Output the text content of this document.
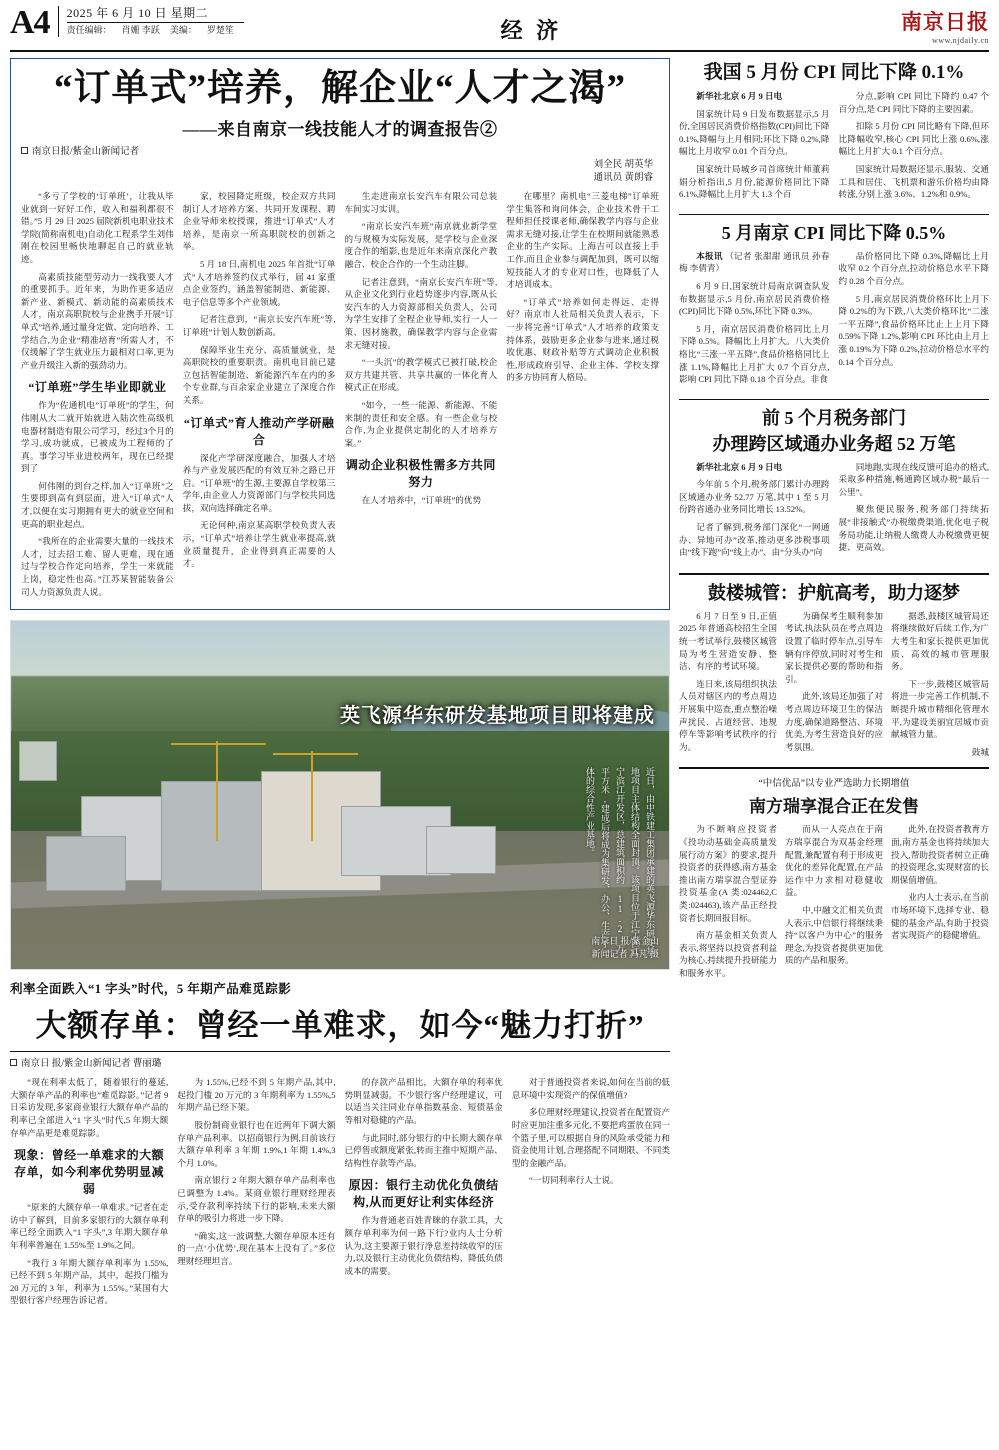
A4	2025 年 6 月 10 日 星期二
责任编辑： 肖姗 李跃 美编： 罗楚笙	经 济	南京日报
www.njdaily.cn
“订单式”培养，解企业“人才之渴”
——来自南京一线技能人才的调查报告②
南京日报/紫金山新闻记者
刘全民 胡英华
通讯员 黄朗睿

“多亏了学校的‘订单班’，让我从毕业就到一好好工作，收入和福利都很不错。”5 月 29 日 2025 届院新机电职业技术学院(简称南机电)自动化工程系学生刘伟刚在校园里畅快地聊起自己的就业轨迹。

高素质技能型劳动力一线我要人才的重要抓手。近年来，为助作更多适应新产业、新模式、新动能的高素质技术人才，南京高职院校与企业携手开展“订单式”培养,通过量身定做、定向培养、工学结合,为企业“精准培育”所需人才，不仅缓解了学生就业压力最相对口率,更为产业升级注入新的强劲动力。

“订单班”学生毕业即就业

作为“佐通机电”订单班”的学生，何伟刚从大二就开始就进入陆次性高级机电器材制造有限公司学习，经过3个月的学习,成功就成，已被成为工程师的了真。事学习毕业进校两年，现在已经提到了

何伟刚的到台之样,加入“订单班”之生要即到高有到层面，进入“订单式”人才,以便在实习期拥有更大的就业空间和更高的职业起点。

“我所在的企业需要大量的一线技术人才，过去招工难、留人更难，现在通过与学校合作定向培养，学生一来就能上岗，稳定性也高。”江苏某智能装备公司人力资源负责人说。

家，校园降定班级，校企双方共同制订人才培养方案、共同开发课程、聘企业导师来校授课，推进“订单式”人才培养，是南京一所高职院校的创新之举。

5 月 18 日,南机电 2025 年首批“订单式”人才培养签约仪式举行，届 41 家重点企业签约，涵盖智能制造、新能源、电子信息等多个产业领域。

记者注意到，“南京长安汽车班”等,订单班”计划人数创新高。

保障毕业生充分、高质量就业，是高职院校的重要职责。南机电目前已建立包括智能制造、新能源汽车在内的多个专业群,与百余家企业建立了深度合作关系。

“订单式”育人推动产学研融合

深化产学研深度融合，加强人才培养与产业发展匹配的有效互补之路已开启。“订单班”的生源,主要源自学校第三学年,由企业人力资源部门与学校共同选拔，双向选择确定名单。

无论何种,南京某高职学校负责人表示，“订单式”培养让学生就业率提高,就业质量提升，企业得到真正需要的人才。

生走进南京长安汽车有限公司总装车间实习实训。

“南京长安汽车班”南京就业新学堂的与规模为实际发展，是学校与企业深度合作的缩影,也是近年来南京深化产教融合、校企合作的一个生动注脚。

记者注意到，“南京长安汽车班”等,从企业文化到行业趋势逐步内容,既从长安汽车的人力资源部相关负责人，公司为学生安排了全程企业导师,实行一人一策、因材施教，确保教学内容与企业需求无缝对接。

“一头沉”的教学模式已被打破,校企双方共建共管、共享共赢的一体化育人模式正在形成。

“如今，一些一能源、新能源、不能来制的责任和安全感。有一些企业与校合作,为企业提供定制化的人才培养方案。”

调动企业积极性需多方共同努力

在人才培养中，“订单班”的优势

在哪里？南机电“三菱电梯”订单班学生集答和询问体会，企业技术骨干工程师担任授课老师,确保教学内容与企业需求无缝对接,让学生在校期间就能熟悉企业的生产实际。上海吉可以直接上手工作,而且企业参与调配加到，既可以缩短技能人才的专业对口性，也降低了人才培训成本。

“订单式”培养如何走得远、走得好？南京市人社局相关负责人表示，下一步将完善“订单式”人才培养的政策支持体系，鼓励更多企业参与进来,通过税收优惠、财政补贴等方式调动企业积极性,形成政府引导、企业主体、学校支撑的多方协同育人格局。

英飞源华东研发基地项目即将建成
近日，由中铁建工集团承建的英飞源华东研发基地项目主体结构全面封顶。该项目位于江宁区江宁滨江开发区，总建筑面积约 11.2 万平方米,建成后将成为集研发、办公、生产于一体的综合性产业基地。
南京日 报/紫金山
新闻记者 冯芃 摄
利率全面跌入“1 字头”时代，5 年期产品难觅踪影
大额存单：曾经一单难求，如今“魅力打折”
南京日 报/紫金山新闻记者 曹丽璐

“现在利率太低了，随着银行的蔓延,大额存单产品的利率也”难觅踪影。”记者 9 日采访发现,多家商业银行大额存单产品的利率已全部进入“1 字头”时代,5 年期大额存单产品更是难觅踪影。

现象：曾经一单难求的大额存单，如今利率优势明显减弱

“原来的大额存单一单难求。”记者在走访中了解到，目前多家银行的大额存单利率已经全面跌入“1 字头”,3 年期大额存单年利率普遍在 1.55%至 1.9%之间。

“我行 3 年期大额存单利率为 1.55%,已经不到 5 年期产品，其中，起投门槛为 20 万元的 3 年，利率为 1.55%。”某国有大型银行客户经理告诉记者。

为 1.55%,已经不到 5 年期产品,其中,起投门槛 20 万元的 3 年期利率为 1.55%,5 年期产品已经下架。

股份制商业银行也在近两年下调大额存单产品利率。以招商银行为例,目前该行大额存单利率 3 年期 1.9%,1 年期 1.4%,3 个月 1.0%。

南京银行 2 年期大额存单产品利率也已调整为 1.4%。某商业银行理财经理表示,受存款利率持续下行的影响,未来大额存单的吸引力将进一步下降。

“确实,这一波调整,大额存单原本还有的一点‘小优势’,现在基本上没有了。”多位理财经理坦言。

的存款产品相比，大额存单的利率优势明显减弱。不少银行客户经理建议，可以适当关注同业存单指数基金、短债基金等相对稳健的产品。

与此同时,部分银行的中长期大额存单已停售或额度紧张,转而主推中短期产品、结构性存款等产品。

原因：银行主动优化负债结构,从而更好让利实体经济

作为普通老百姓青睐的存款工具，大额存单利率为何一路下行?业内人士分析认为,这主要源于银行净息差持续收窄的压力,以及银行主动优化负债结构、降低负债成本的需要。

对于普通投资者来说,如何在当前的低息环境中实现资产的保值增值?

多位理财经理建议,投资者在配置资产时应更加注重多元化,不要把鸡蛋放在同一个篮子里,可以根据自身的风险承受能力和资金使用计划,合理搭配不同期限、不同类型的金融产品。

“一切同利率行人士说。

我国 5 月份 CPI 同比下降 0.1%

新华社北京 6 月 9 日电

国家统计局 9 日发布数据显示,5 月份,全国居民消费价格指数(CPI)同比下降 0.1%,降幅与上月相同;环比下降 0.2%,降幅比上月收窄 0.01 个百分点。

国家统计局城乡司首席统计师董莉娟分析指出,5 月份,能源价格同比下降 6.1%,降幅比上月扩大 1.3 个百

分点,影响 CPI 同比下降约 0.47 个百分点,是 CPI 同比下降的主要因素。

扣除 5 月份 CPI 同比略有下降,但环比降幅收窄,核心 CPI 同比上涨 0.6%,涨幅比上月扩大 0.1 个百分点。

国家统计局数据还显示,服装、交通工具和居住、飞机票和游乐价格均由降转涨,分别上涨 3.6%、1.2%和 0.9%。

5 月南京 CPI 同比下降 0.5%

本报讯 （记者 张甜甜 通讯员 孙春梅 李倩青）

6 月 9 日,国家统计局南京调查队发布数据显示,5 月份,南京居民消费价格(CPI)同比下降 0.5%,环比下降 0.3%。

5 月，南京居民消费价格同比上月下降 0.5%。降幅比上月扩大。八大类价格比“三涨一平五降”,食品价格格同比上涨 1.1%,降幅比上月扩大 0.7 个百分点,影响 CPI 同比下降 0.18 个百分点。非食

品价格同比下降 0.3%,降幅比上月收窄 0.2 个百分点,拉动价格总水平下降约 0.28 个百分点。

5 月,南京居民消费价格环比上月下降 0.2%的为下跌,八大类价格环比“二涨一平五降”,食品价格环比止上上月下降 0.59%下降 1.2%,影响 CPI 环比由上月上涨 0.19%为下降 0.2%,拉动价格总水平约 0.14 个百分点。

前 5 个月税务部门
办理跨区域通办业务超 52 万笔

新华社北京 6 月 9 日电

今年前 5 个月,税务部门累计办理跨区域通办业务 52.77 万笔,其中 1 至 5 月份跨省通办业务同比增长 13.52%。

记者了解到,税务部门深化“一网通办、异地可办”改革,推动更多涉税事项由“线下跑”向“线上办”、由“分头办”向

同地跑,实现在线反馈可追办的格式,采取多种措施,畅通跨区域办税“最后一公里”。

聚焦便民服务,税务部门持续拓展“非接触式”办税缴费渠道,优化电子税务局功能,让纳税人缴费人办税缴费更便捷、更高效。

鼓楼城管：护航高考，助力逐梦

6 月 7 日至 9 日,正值 2025 年普通高校招生全国统一考试举行,鼓楼区城管局为考生营造安静、整洁、有序的考试环境。

连日来,该局组织执法人员对辖区内的考点周边开展集中巡查,重点整治噪声扰民、占道经营、违规停车等影响考试秩序的行为。

为确保考生顺利参加考试,执法队员在考点周边设置了临时停车点,引导车辆有序停放,同时对考生和家长提供必要的帮助和指引。

此外,该局还加强了对考点周边环境卫生的保洁力度,确保道路整洁、环境优美,为考生营造良好的应考氛围。

据悉,鼓楼区城管局还将继续做好后续工作,为广大考生和家长提供更加优质、高效的城市管理服务。

下一步,鼓楼区城管局将进一步完善工作机制,不断提升城市精细化管理水平,为建设美丽宜居城市贡献城管力量。

鼓城
“中信优品”以专业严选助力长期增值
南方瑞享混合正在发售

为不断响应投资者《投功动基础金高质量发展行动方案》的要求,提升投资者的获得感,南方基金推出南方瑞享混合型证券投资基金(A 类:024462,C 类:024463),该产品正经投资者长期回报目标。

南方基金相关负责人表示,将坚持以投资者利益为核心,持续提升投研能力和服务水平。

而从一人亮点在于南方瑞享混合为双基金经理配置,兼配置有利于形成更优化的差异化配置,在产品运作中力求相对稳健收益。

中,中融文汇相关负责人表示,中信银行将继续秉持“以客户为中心”的服务理念,为投资者提供更加优质的产品和服务。

此外,在投资者教育方面,南方基金也将持续加大投入,帮助投资者树立正确的投资理念,实现财富的长期保值增值。

业内人士表示,在当前市场环境下,选择专业、稳健的基金产品,有助于投资者实现资产的稳健增值。
